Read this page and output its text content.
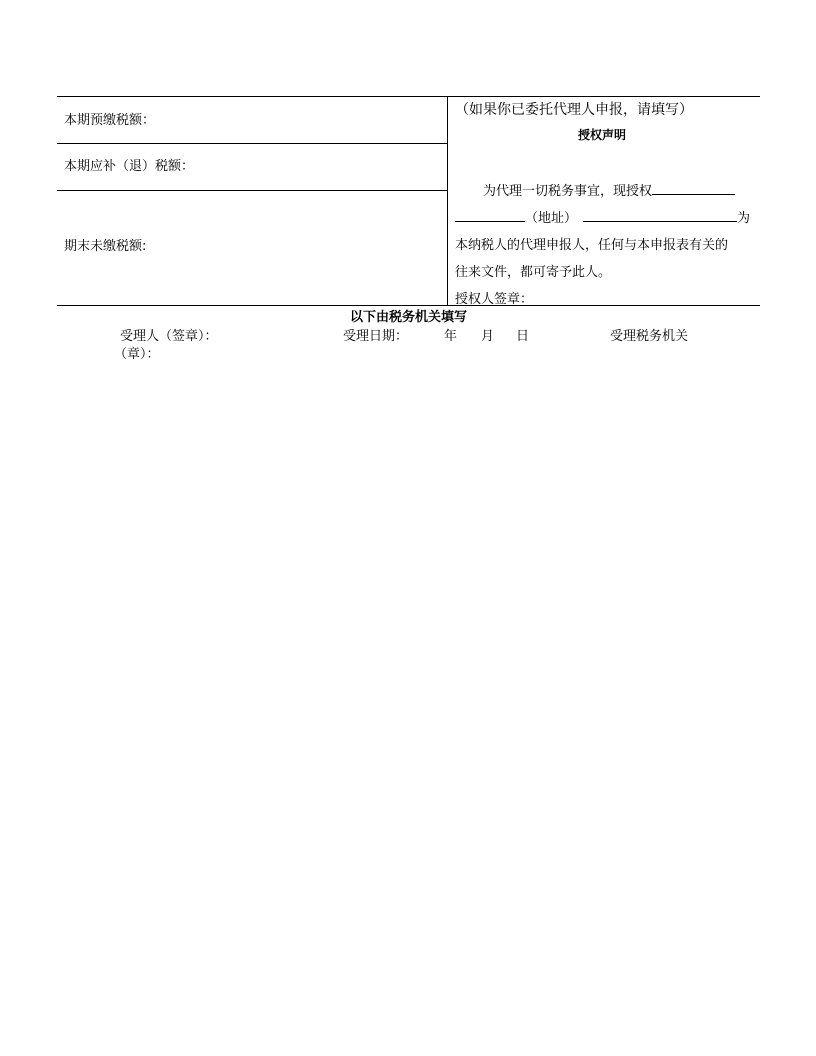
本期预缴税额：
本期应补（退）税额：
期末未缴税额:
（如果你已委托代理人申报，请填写）
授权声明
为代理一切税务事宜，现授权
（地址）	为
本纳税人的代理申报人，任何与本申报表有关的
往来文件，都可寄予此人。
授权人签章：
以下由税务机关填写
受理人（签章）：	受理日期：	年 月 日	受理税务机关
（章）：
